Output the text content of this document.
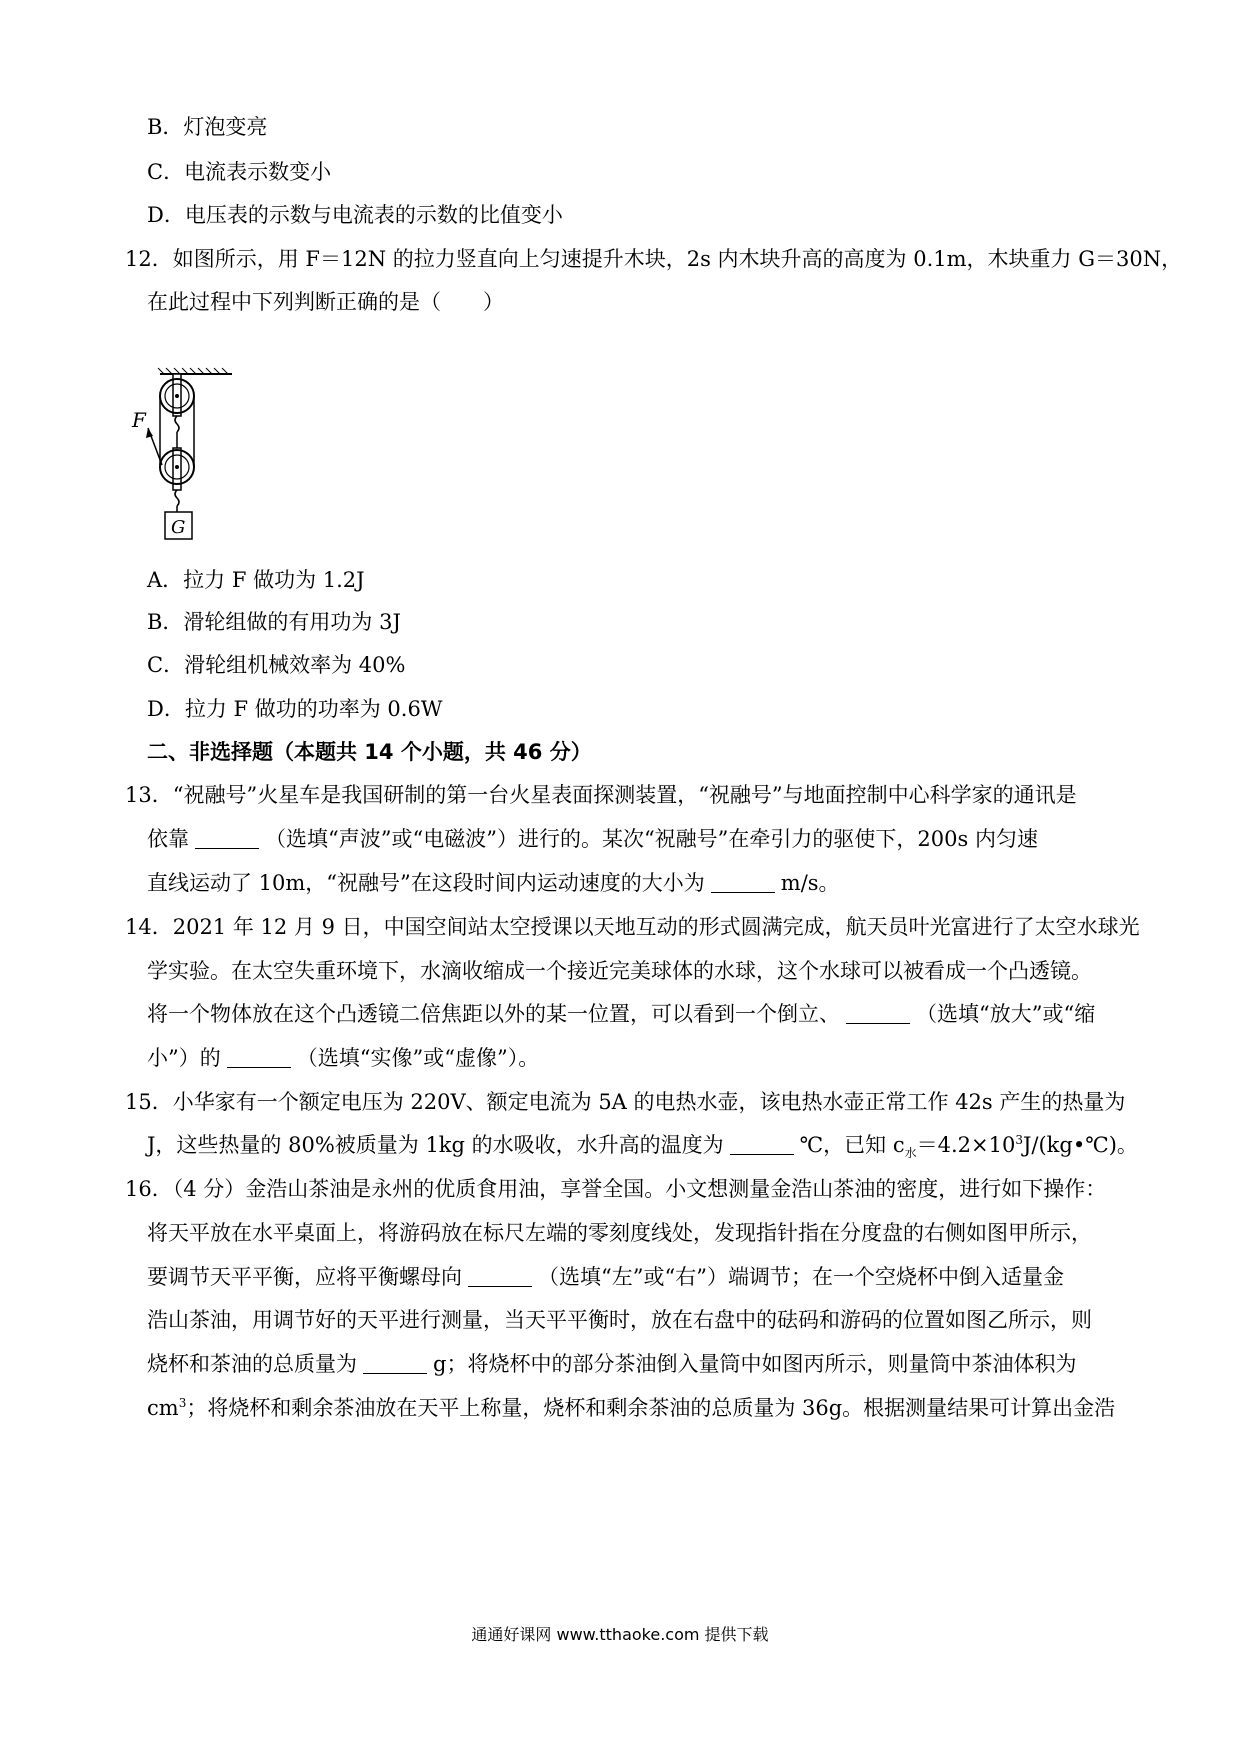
B．灯泡变亮
C．电流表示数变小
D．电压表的示数与电流表的示数的比值变小
12．如图所示，用 F＝12N 的拉力竖直向上匀速提升木块，2s 内木块升高的高度为 0.1m，木块重力 G＝30N，
在此过程中下列判断正确的是（　　）
F
G
A．拉力 F 做功为 1.2J
B．滑轮组做的有用功为 3J
C．滑轮组机械效率为 40%
D．拉力 F 做功的功率为 0.6W
二、非选择题（本题共 14 个小题，共 46 分）
13．“祝融号”火星车是我国研制的第一台火星表面探测装置，“祝融号”与地面控制中心科学家的通讯是
依靠	（选填“声波”或“电磁波”）进行的。某次“祝融号”在牵引力的驱使下，200s 内匀速
直线运动了 10m，“祝融号”在这段时间内运动速度的大小为	m/s。
14．2021 年 12 月 9 日，中国空间站太空授课以天地互动的形式圆满完成，航天员叶光富进行了太空水球光
学实验。在太空失重环境下，水滴收缩成一个接近完美球体的水球，这个水球可以被看成一个凸透镜。
将一个物体放在这个凸透镜二倍焦距以外的某一位置，可以看到一个倒立、	（选填“放大”或“缩
小”）的	（选填“实像”或“虚像”）。
15．小华家有一个额定电压为 220V、额定电流为 5A 的电热水壶，该电热水壶正常工作 42s 产生的热量为
J，这些热量的 80%被质量为 1kg 的水吸收，水升高的温度为	℃，已知 $c_水=4.2\times 10^3J/(kg•℃)$。
16．（4 分）金浩山茶油是永州的优质食用油，享誉全国。小文想测量金浩山茶油的密度，进行如下操作：
将天平放在水平桌面上，将游码放在标尺左端的零刻度线处，发现指针指在分度盘的右侧如图甲所示，
要调节天平平衡，应将平衡螺母向	（选填“左”或“右”）端调节；在一个空烧杯中倒入适量金
浩山茶油，用调节好的天平进行测量，当天平平衡时，放在右盘中的砝码和游码的位置如图乙所示，则
烧杯和茶油的总质量为	g；将烧杯中的部分茶油倒入量筒中如图丙所示，则量筒中茶油体积为
$cm^3$；将烧杯和剩余茶油放在天平上称量，烧杯和剩余茶油的总质量为 36g。根据测量结果可计算出金浩
通通好课网 www.tthaoke.com 提供下载
